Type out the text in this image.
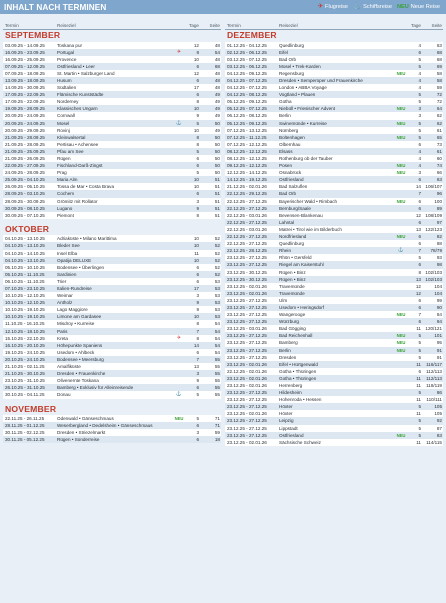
INHALT NACH TERMINEN	✈ Flugreise ⚓ Schiffsreise NEU Neue Reise
Termin	Reiseziel	Tage	Seite
SEPTEMBER
03.09.25 - 14.09.25	Toskana pur	12	48
16.09.25 - 23.09.25	Portugal	✈	8	54
16.09.25 - 25.09.25	Provence	10	48
07.09.25 - 12.09.25	Ostfriesland • Leer	6	68
07.09.25 - 18.09.25	St. Martin • Salzburger Land	12	48
13.09.25 - 18.09.25	Husum	6	48
14.09.25 - 30.09.25	Südtalien	17	48
17.09.25 - 22.09.25	Flämische Kunststädte	6	49
17.09.25 - 22.09.25	Norderney	8	49
19.09.25 - 28.09.25	Klassisches Ungarn	10	49
20.09.25 - 24.09.25	Cornwall	9	49
20.09.25 - 24.09.25	Mosel	⚓	5	50
20.09.25 - 29.09.25	Rovinj	10	49
21.09.25 - 28.09.25	Kleinwalsertal	8	50
21.09.25 - 28.09.25	Pertisau • Achensee	8	50
21.09.25 - 25.09.25	Pfau am See	5	50
21.09.25 - 26.09.25	Rügen	6	50
22.09.25 - 27.09.25	Fischland-Darß-Zingst	6	50
24.09.25 - 28.09.25	Prag	5	50
25.09.25 - 04.10.25	Maria Alm	10	51
26.09.25 - 05.10.25	Tossa de Mar • Costa Brava	10	51
28.09.25 - 03.10.25	Cochem	6	51
28.09.25 - 30.09.25	Grömitz mit Rollator	3	51
30.09.25 - 08.10.25	Lugano	9	51
30.09.25 - 07.10.25	Piemont	8	51
OKTOBER
04.10.25 - 13.10.25	Adriaküste • Milano Marittima	10	52
04.10.25 - 13.10.25	Bleder See	10	52
04.10.25 - 14.10.25	Insel Elba	11	52
04.10.25 - 13.10.25	Opatija DELUXE	10	52
05.10.25 - 10.10.25	Bodensee • Überlingen	6	52
05.10.25 - 11.10.25	Sardinien	6	52
06.10.25 - 11.10.25	Trier	6	53
07.10.25 - 23.10.25	Italien-Rundreise	17	53
10.10.25 - 12.10.25	Weimar	3	53
10.10.25 - 12.10.25	Antholz	9	53
10.10.25 - 19.10.25	Lago Maggiore	9	53
10.10.25 - 19.10.25	Limone am Gardasee	10	53
11.10.25 - 16.10.25	Misdroy • Kurreise	8	54
12.10.25 - 18.10.25	Paris	7	54
15.10.25 - 22.10.25	Kreta	✈	8	54
16.10.25 - 20.10.25	Höhepunkte Spaniens	14	54
19.10.25 - 24.10.25	Usedom • Ahlbeck	6	54
20.10.25 - 24.10.25	Bodensee • Meersburg	7	55
21.10.25 - 02.11.25	Amalfiküste	13	55
21.10.25 - 30.10.25	Dresden • Frauenkirche	3	55
23.10.25 - 31.10.25	Olivenernte Toskana	9	55
26.10.25 - 31.10.25	Bamberg • Exklusiv für Alleinreisende	6	55
30.10.25 - 04.11.25	Donau	⚓	5	55
NOVEMBER
22.11.25 - 26.11.25	Odenwald • Gänseschmaus	NEU	5	71
28.11.25 - 01.12.25	Weserbergland • Dedelsheim • Gänseschmaus	6	71
30.11.25 - 02.12.25	Dresden • Striezelmarkt	3	59
30.11.25 - 05.12.25	Rügen • Sonderreise	6	18
Termin	Reiseziel	Tage	Seite
DEZEMBER
01.12.25 - 04.12.25	Quedlinburg	4	63
02.12.25 - 06.12.25	Eifel	6	68
03.12.25 - 07.12.25	Bad Orb	5	68
03.12.25 - 06.12.25	Mosel • Trek-Karden	5	69
04.12.25 - 09.12.25	Regensburg	NEU	4	58
04.12.25 - 07.12.25	Dresden • Semperoper und Frauenkirche	4	58
04.12.25 - 07.12.25	London • ABBA Voyage	4	59
04.12.25 - 08.12.25	Vogtland • Plauen	5	72
05.12.25 - 09.12.25	Gotha	5	72
05.12.25 - 07.12.25	Niebüll • Friesischer Advent	NEU	3	64
06.12.25 - 08.12.25	Berlin	3	62
05.12.25 - 09.12.25	Swinemünde • Kurreise	NEU	5	62
07.12.25 - 13.12.25	Nürnberg	5	61
07.12.25 - 11.12.25	Boltenhagen	NEU	5	65
07.12.25 - 12.12.25	Olbernhau	6	73
08.12.25 - 12.12.25	Elsass	4	61
08.12.25 - 12.12.25	Rothenburg ob der Tauber	4	60
09.12.25 - 12.12.25	Posen	NEU	4	74
12.12.25 - 14.12.25	Osnabrück	NEU	3	66
14.12.25 - 19.12.25	Ostfriesland	6	63
21.12.25 - 02.01.26	Bad Salzuflen	14 106/107
22.12.25 - 29.12.25	Bad Orb	7	96
22.12.25 - 27.12.25	Bayerischer Wald • Rimbach	NEU	6	100
22.12.25 - 27.12.25	Bernburg/Saale	6	89
22.12.25 - 03.01.26	Bevensen-Blankenau	12 108/109
22.12.25 - 27.12.25	Lahntal	6	97
22.12.25 - 03.01.26	Matrei • Tirol wie im Bilderbuch	13 122/123
22.12.25 - 27.12.25	Nordfriesland	NEU	6	82
22.12.25 - 27.12.25	Quedlinburg	6	88
22.12.25 - 28.12.25	Rhein	⚓	7	78/79
23.12.25 - 27.12.25	Rhön • Gersfeld	5	93
23.12.25 - 27.12.25	Riegel am Kaiserstuhl	6	98
23.12.25 - 30.12.25	Rügen • Binz	8 102/103
23.12.25 - 30.12.25	Rügen • Binz	13 102/103
23.12.25 - 02.01.26	Travemünde	12	104
23.12.25 - 02.01.26	Travemünde	12	104
23.12.25 - 27.12.25	Ulm	6	99
23.12.25 - 27.12.25	Usedom • Heringsdorf	6	90
23.12.25 - 27.12.25	Wangerooge	NEU	7	84
23.12.25 - 27.12.25	Würzburg	6	94
23.12.25 - 03.01.26	Bad Gögging	11 120/121
23.12.25 - 27.12.25	Bad Reichenhall	NEU	5	101
23.12.25 - 27.12.25	Bamberg	NEU	5	95
23.12.25 - 27.12.25	Berlin	NEU	5	91
23.12.25 - 27.12.25	Dresden	5	91
23.12.25 - 02.01.26	Eifel • Hürtgenwald	11	116/117
22.12.25 - 02.01.26	Gotha • Thüringen	6	112/113
23.12.25 - 02.01.26	Gotha • Thüringen	11	112/113
23.12.25 - 02.01.26	Herrenberg	11	118/119
23.12.25 - 27.12.25	Hildesheim	5	86
23.12.25 - 27.12.25	Hohenroda • Hessen	11	110/111
23.12.25 - 27.12.25	Höxter	5	105
23.12.25 - 02.01.26	Höxter	11	105
23.12.25 - 27.12.25	Leipzig	5	92
23.12.25 - 27.12.25	Lippstadt	5	87
23.12.25 - 27.12.25	Ostfriesland	NEU	5	83
23.12.25 - 02.01.26	Sächsische Schweiz	11	114/115
